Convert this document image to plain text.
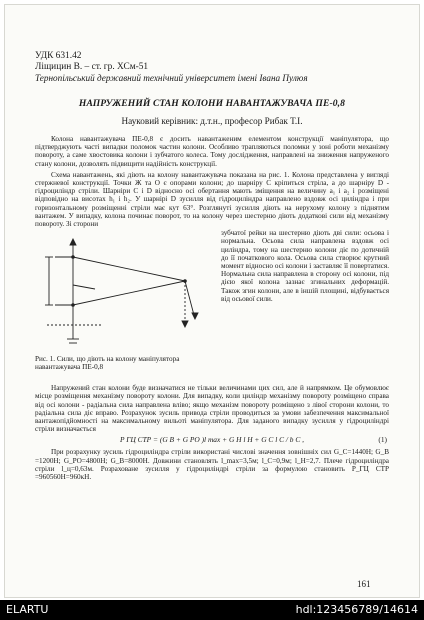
УДК 631.42
Ліщицин В. – ст. гр. ХСм-51
Тернопільський державний технічний університет імені Івана Пулюя
НАПРУЖЕНИЙ СТАН КОЛОНИ НАВАНТАЖУВАЧА ПЕ-0,8
Науковий керівник: д.т.н., професор Рибак Т.І.
Колона навантажувача ПЕ-0,8 є досить навантаженим елементом конструкції маніпулятора, що підтверджують часті випадки поломок частин колони. Особливо трапляються поломки у зоні роботи механізму повороту, а саме хвостовика колони і зубчатого колеса. Тому дослідження, направлені на зниження напруженого стану колони, дозволять підвищити надійність конструкції.
Схема навантажень, які діють на колону навантажувача показана на рис. 1. Колона представлена у вигляді стержневої конструкції. Точки Ж та О є опорами колони; до шарніру С кріпиться стріла, а до шарніру D - гідроциліндр стріли. Шарніри С і D відносно осі обертання мають зміщення на величину a₁ і a₂ і розміщені відповідно на висотах h₁ і h₂. У шарнірі D зусилля від гідроциліндра направлено вздовж осі циліндра і при горизонтальному розміщенні стріли має кут 63°. Розглянуті зусилля діють на нерухому колону з піднятим вантажем. У випадку, колона починає поворот, то на колону через шестерню діють додаткові сили від механізму повороту. Зі сторони
Рис. 1. Сили, що діють на колону маніпулятора навантажувача ПЕ-0,8
зубчатої рейки на шестерню діють дві сили: осьова і нормальна. Осьова сила направлена вздовж осі циліндра, тому на шестерню колони діє по дотичній до її початкового кола. Осьова сила створює крутний момент відносно осі колони і заставляє її повертатися. Нормальна сила направлена в сторону осі колони, під дією якої колона зазнає згинальних деформацій. Також згин колони, але в іншій площині, відбувається від осьової сили.
Напружений стан колони буде визначатися не тільки величинами цих сил, але й напрямком. Це обумовлює місце розміщення механізму повороту колони. Для випадку, коли циліндр механізму повороту розміщено справа від осі колони - радіальна сила направлена вліво; якщо механізм повороту розміщено з лівої сторони колони, то радіальна сила діє вправо. Розрахунок зусиль привода стріли проводиться за умови забезпечення максимальної вантажопідйомності на максимальному вильоті маніпулятора. Для заданого випадку зусилля у гідроциліндрі стріли визначається
P ГЦ СТР = (G B + G PO )l max + G H l H + G C l C / b C ,	(1)
При розрахунку зусиль гідроциліндра стріли використані числові значення зовнішніх сил G_C=1440Н; G_B =1200Н; G_PO=4800Н; G_B=8000Н. Довжини становлять l_max=3,5м; l_C=0,9м; l_H=2,7. Плече гідроциліндра стріли l_ц=0,63м. Розраховане зусилля у гідроциліндрі стріли за формулою становить P_ГЦ СТР =960560Н=960кН.
161
ELARTU	hdl:123456789/14614
